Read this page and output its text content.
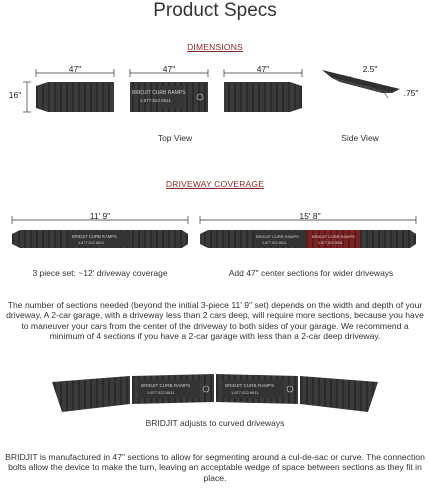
Product Specs
DIMENSIONS
BRIDJIT CURB RAMPS
1.877.522.6611
47"	47"	47"
16"
2.5"
.75"
Top View	Side View
DRIVEWAY COVERAGE
BRIDJIT CURB RAMPS
1.877.522.6611
BRIDJIT CURB RAMPS
1.877.522.6611
BRIDJIT CURB RAMPS
1.877.522.6611
11' 9"	15' 8"
3 piece set: ~12' driveway coverage	Add 47" center sections for wider driveways
The number of sections needed (beyond the initial 3-piece 11' 9" set) depends on the width and depth of your driveway. A 2-car garage, with a driveway less than 2 cars deep, will require more sections, because you have to maneuver your cars from the center of the driveway to both sides of your garage. We recommend a minimum of 4 sections if you have a 2-car garage with less than a 2-car deep driveway.
BRIDJIT CURB RAMPS
1.877.522.6611
BRIDJIT CURB RAMPS
1.877.522.6611
BRIDJIT adjusts to curved driveways
BRIDJIT is manufactured in 47" sections to allow for segmenting around a cul-de-sac or curve. The connection bolts allow the device to make the turn, leaving an acceptable wedge of space between sections as they fit in place.
